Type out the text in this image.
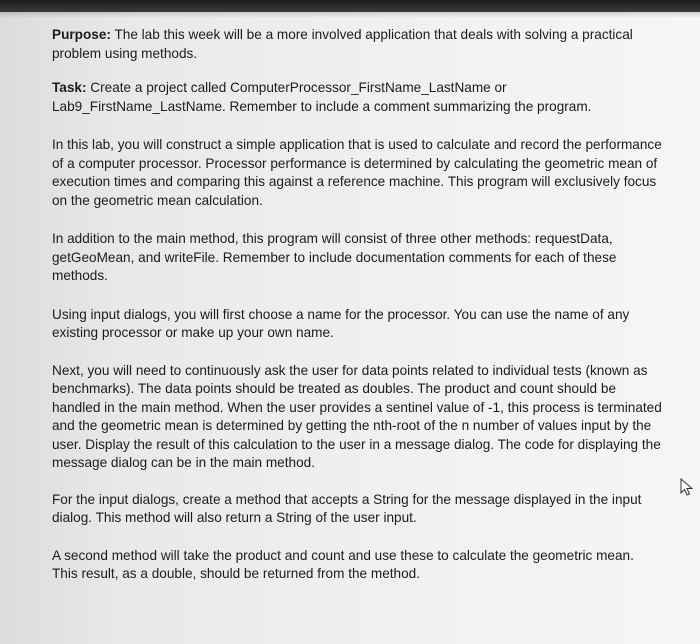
Purpose: The lab this week will be a more involved application that deals with solving a practical problem using methods.

Task: Create a project called ComputerProcessor_FirstName_LastName or Lab9_FirstName_LastName. Remember to include a comment summarizing the program.

In this lab, you will construct a simple application that is used to calculate and record the performance of a computer processor. Processor performance is determined by calculating the geometric mean of execution times and comparing this against a reference machine. This program will exclusively focus on the geometric mean calculation.

In addition to the main method, this program will consist of three other methods: requestData, getGeoMean, and writeFile. Remember to include documentation comments for each of these methods.

Using input dialogs, you will first choose a name for the processor. You can use the name of any existing processor or make up your own name.

Next, you will need to continuously ask the user for data points related to individual tests (known as benchmarks). The data points should be treated as doubles. The product and count should be handled in the main method. When the user provides a sentinel value of -1, this process is terminated and the geometric mean is determined by getting the nth-root of the n number of values input by the user. Display the result of this calculation to the user in a message dialog. The code for displaying the message dialog can be in the main method.

For the input dialogs, create a method that accepts a String for the message displayed in the input dialog. This method will also return a String of the user input.

A second method will take the product and count and use these to calculate the geometric mean. This result, as a double, should be returned from the method.
